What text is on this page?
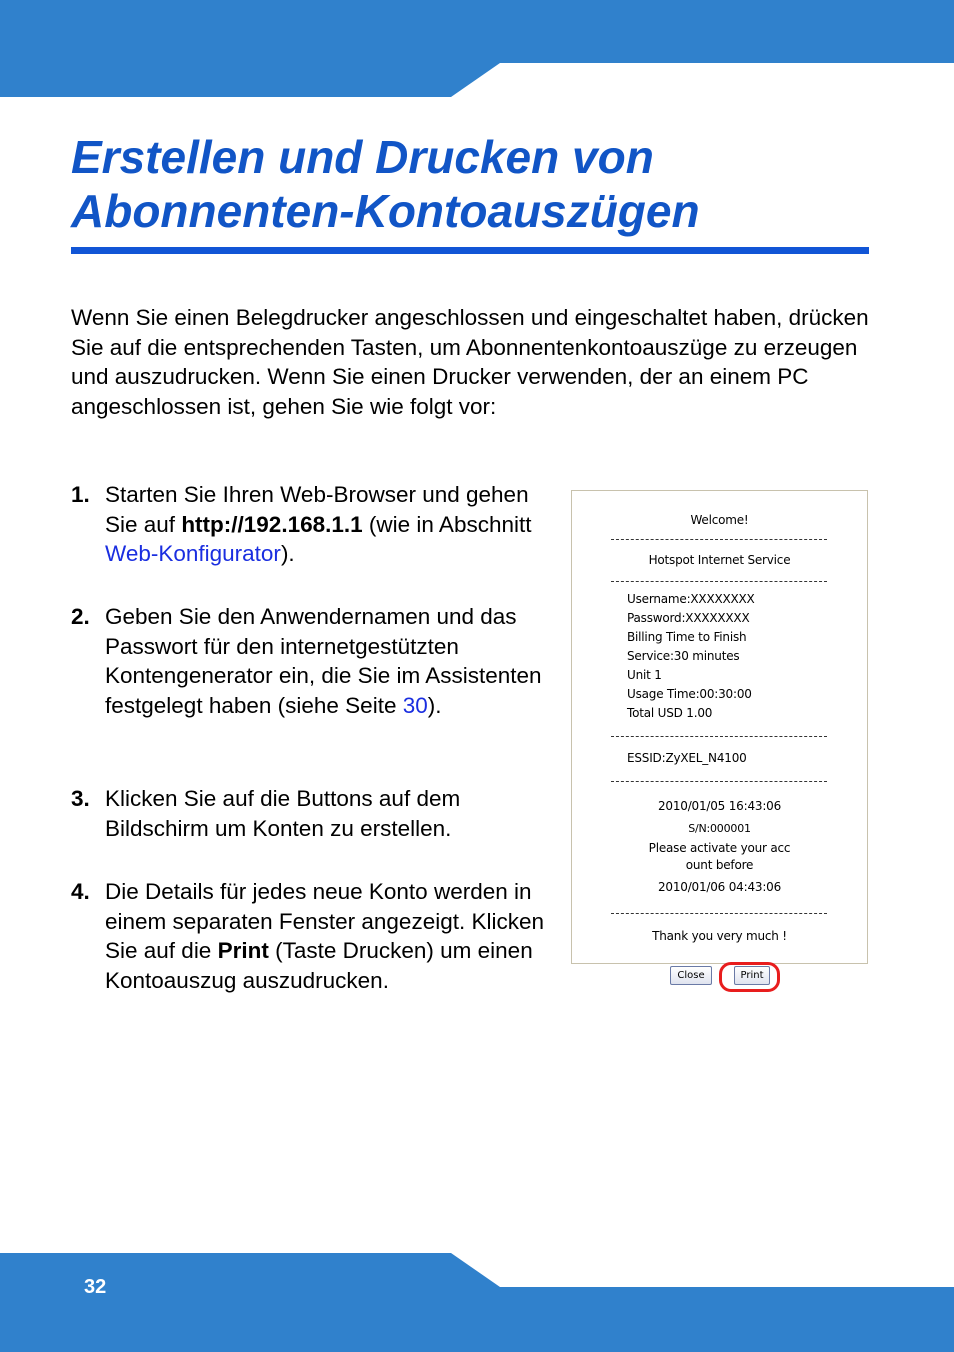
Erstellen und Drucken von
Abonnenten-Kontoauszügen

Wenn Sie einen Belegdrucker angeschlossen und eingeschaltet haben, drücken Sie auf die entsprechenden Tasten, um Abonnentenkontoauszüge zu erzeugen und auszudrucken. Wenn Sie einen Drucker verwenden, der an einem PC angeschlossen ist, gehen Sie wie folgt vor:

1. Starten Sie Ihren Web-Browser und gehen Sie auf http://192.168.1.1 (wie in Abschnitt Web-Konfigurator).
2. Geben Sie den Anwendernamen und das Passwort für den internetgestützten Kontengenerator ein, die Sie im Assistenten festgelegt haben (siehe Seite 30).
3. Klicken Sie auf die Buttons auf dem Bildschirm um Konten zu erstellen.
4. Die Details für jedes neue Konto werden in einem separaten Fenster angezeigt. Klicken Sie auf die Print (Taste Drucken) um einen Kontoauszug auszudrucken.
Welcome!
Hotspot Internet Service
Username:XXXXXXXX
Password:XXXXXXXX
Billing Time to Finish
Service:30 minutes
Unit 1
Usage Time:00:30:00
Total USD 1.00
ESSID:ZyXEL_N4100
2010/01/05 16:43:06
S/N:000001
Please activate your acc
ount before
2010/01/06 04:43:06
Thank you very much !
Close	Print
32
